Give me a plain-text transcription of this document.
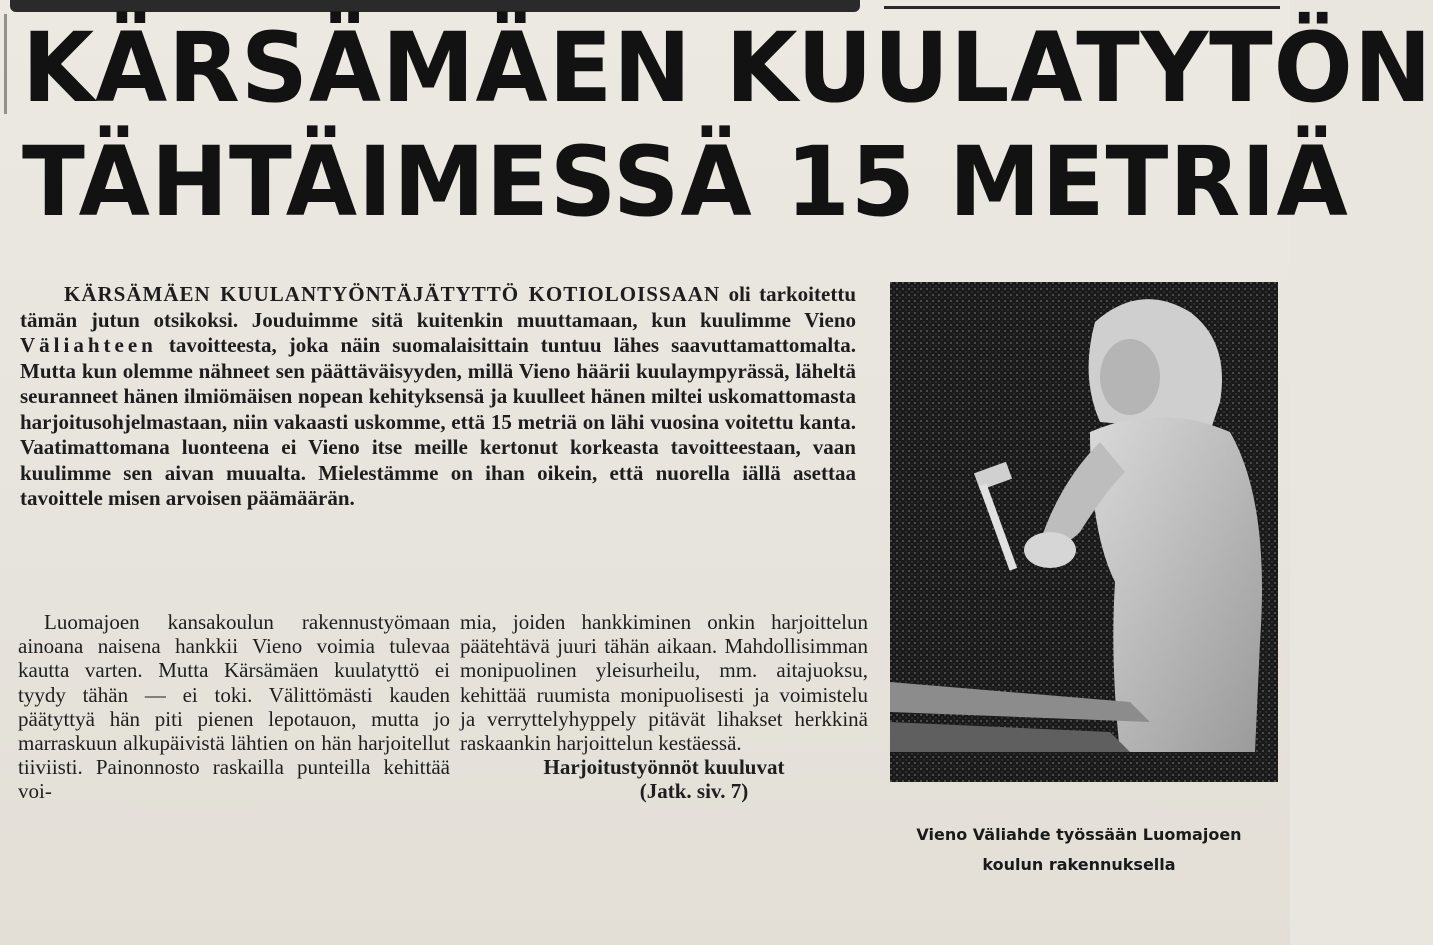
KÄRSÄMÄEN KUULATYTÖN
TÄHTÄIMESSÄ 15 METRIÄ
KÄRSÄMÄEN KUULANTYÖNTÄJÄTYTTÖ KOTIOLOISSAAN oli tarkoitettu tämän jutun otsikoksi. Jouduimme sitä kuitenkin muuttamaan, kun kuulimme Vieno Väliahteen tavoitteesta, joka näin suomalaisittain tuntuu lähes saavuttamattomalta. Mutta kun olemme nähneet sen päättäväisyyden, millä Vieno häärii kuulaympyrässä, läheltä seuranneet hänen ilmiömäisen nopean kehityksensä ja kuulleet hänen miltei uskomattomasta harjoitusohjelmastaan, niin vakaasti uskomme, että 15 metriä on lähi vuosina voitettu kanta. Vaatimattomana luonteena ei Vieno itse meille kertonut korkeasta tavoitteestaan, vaan kuulimme sen aivan muualta. Mielestämme on ihan oikein, että nuorella iällä asettaa tavoittele misen arvoisen päämäärän.
Luomajoen kansakoulun rakennustyömaan ainoana naisena hankkii Vieno voimia tulevaa kautta varten. Mutta Kärsämäen kuulatyttö ei tyydy tähän — ei toki. Välittömästi kauden päätyttyä hän piti pienen lepotauon, mutta jo marraskuun alkupäivistä lähtien on hän harjoitellut tiiviisti. Painonnosto raskailla punteilla kehittää voi-
mia, joiden hankkiminen onkin harjoittelun päätehtävä juuri tähän aikaan. Mahdollisimman monipuolinen yleisurheilu, mm. aitajuoksu, kehittää ruumista monipuolisesti ja voimistelu ja verryttelyhyppely pitävät lihakset herkkinä raskaankin harjoittelun kestäessä.
Harjoitustyönnöt kuuluvat
(Jatk. siv. 7)
Vieno Väliahde työssään Luomajoen
koulun rakennuksella
